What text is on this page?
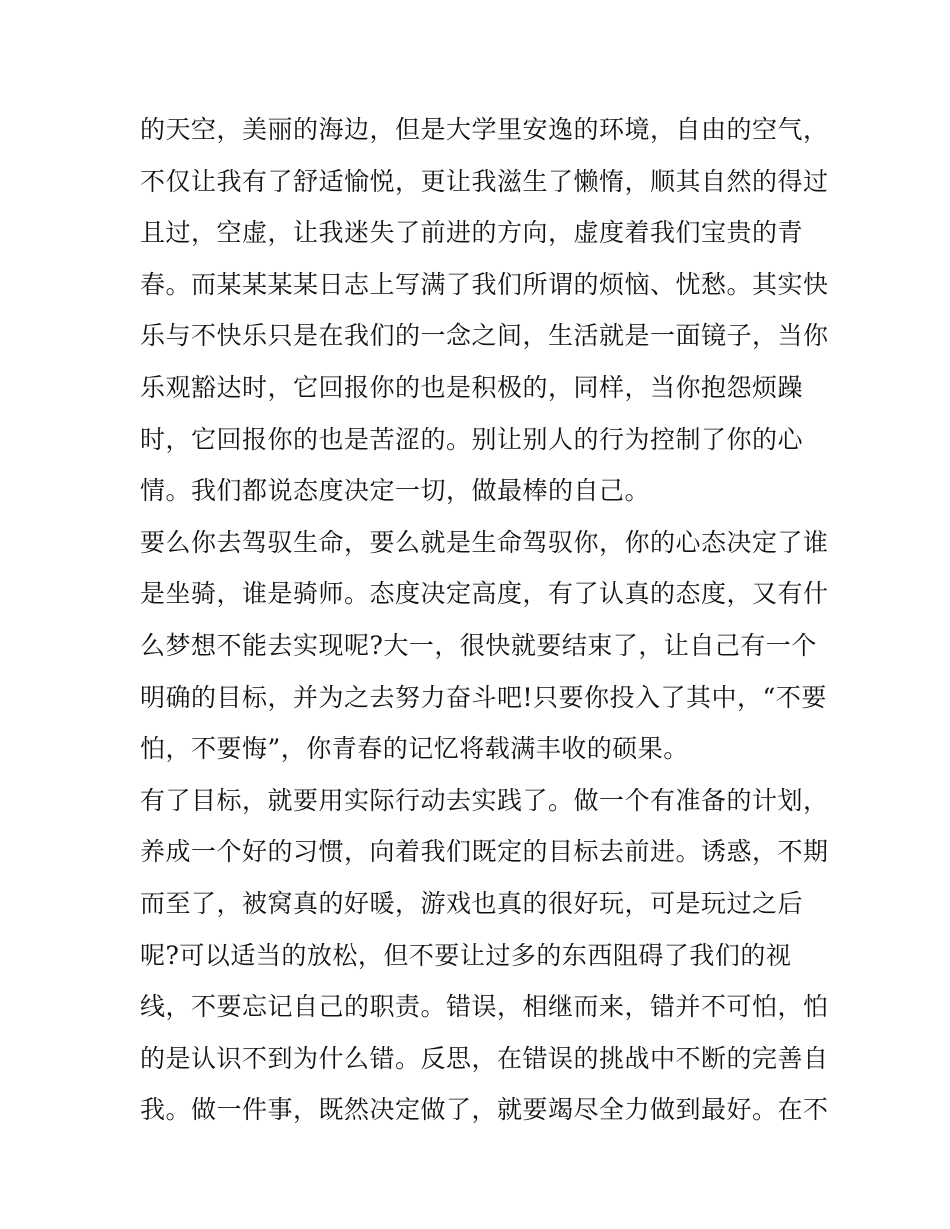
的天空，美丽的海边，但是大学里安逸的环境，自由的空气，
不仅让我有了舒适愉悦，更让我滋生了懒惰，顺其自然的得过
且过，空虚，让我迷失了前进的方向，虚度着我们宝贵的青
春。而某某某某日志上写满了我们所谓的烦恼、忧愁。其实快
乐与不快乐只是在我们的一念之间，生活就是一面镜子，当你
乐观豁达时，它回报你的也是积极的，同样，当你抱怨烦躁
时，它回报你的也是苦涩的。别让别人的行为控制了你的心
情。我们都说态度决定一切，做最棒的自己。
要么你去驾驭生命，要么就是生命驾驭你，你的心态决定了谁
是坐骑，谁是骑师。态度决定高度，有了认真的态度，又有什
么梦想不能去实现呢?大一，很快就要结束了，让自己有一个
明确的目标，并为之去努力奋斗吧!只要你投入了其中，“不要
怕，不要悔”，你青春的记忆将载满丰收的硕果。
有了目标，就要用实际行动去实践了。做一个有准备的计划，
养成一个好的习惯，向着我们既定的目标去前进。诱惑，不期
而至了，被窝真的好暖，游戏也真的很好玩，可是玩过之后
呢?可以适当的放松，但不要让过多的东西阻碍了我们的视
线，不要忘记自己的职责。错误，相继而来，错并不可怕，怕
的是认识不到为什么错。反思，在错误的挑战中不断的完善自
我。做一件事，既然决定做了，就要竭尽全力做到最好。在不
